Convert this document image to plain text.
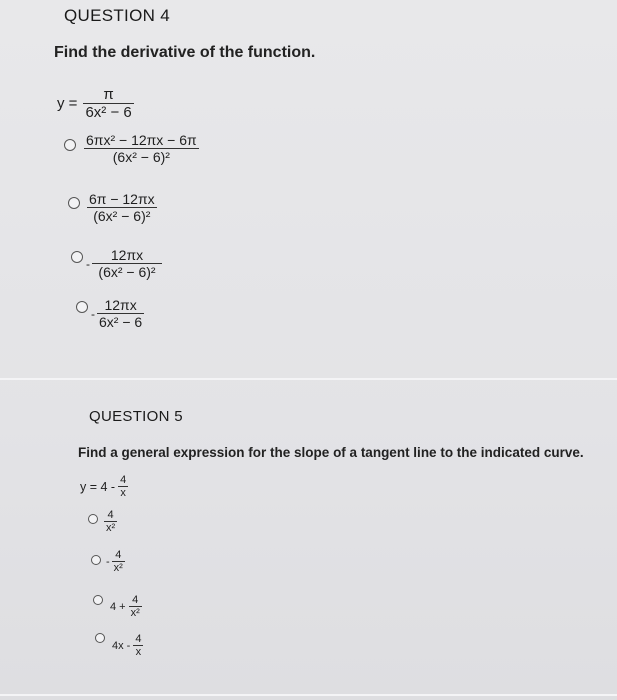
QUESTION 4
Find the derivative of the function.
$y = \frac{\pi}{\text{6x² − 6}}$
$\frac{\text{6πx² − 12πx − 6π}}{\text{(6x² − 6)²}}$
$\frac{6\pi - 12\pi x}{\text{(6x² − 6)²}}$
- $\frac{12\pi x}{\text{(6x² − 6)²}}$
- $\frac{12\pi x}{\text{6x² − 6}}$
QUESTION 5
Find a general expression for the slope of a tangent line to the indicated curve.
$y = 4 - \frac{4}{x}$
$\frac{4}{\text{x²}}$
- $\frac{4}{\text{x²}}$
$4 + \frac{4}{\text{x²}}$
$4x - \frac{4}{x}$
